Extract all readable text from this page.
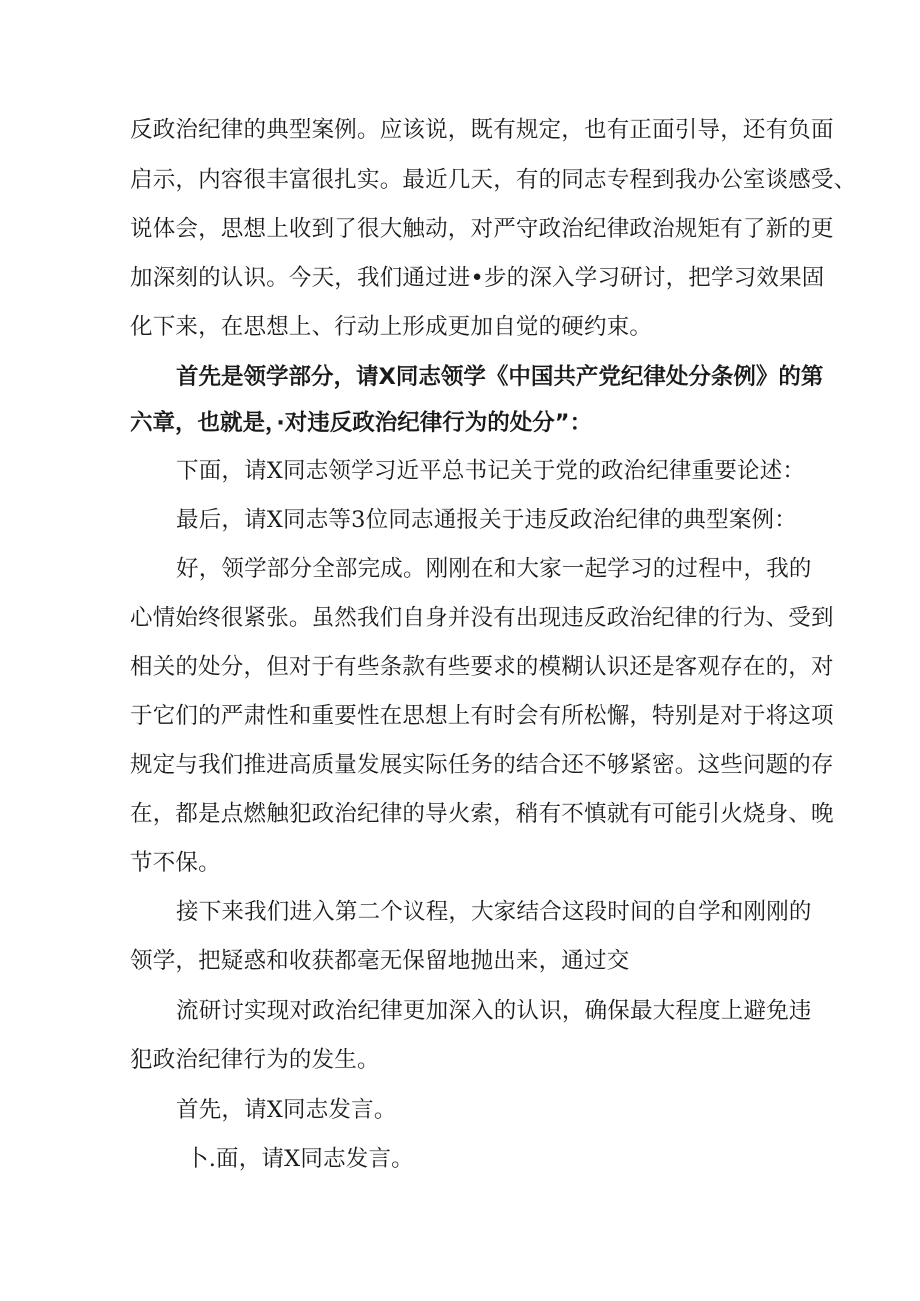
反政治纪律的典型案例。应该说，既有规定，也有正面引导，还有负面

启示，内容很丰富很扎实。最近几天，有的同志专程到我办公室谈感受、

说体会，思想上收到了很大触动，对严守政治纪律政治规矩有了新的更

加深刻的认识。今天，我们通过进•步的深入学习研讨，把学习效果固

化下来，在思想上、行动上形成更加自觉的硬约束。

首先是领学部分，请X同志领学《中国共产党纪律处分条例》的第

六章，也就是，·对违反政治纪律行为的处分”：

下面，请X同志领学习近平总书记关于党的政治纪律重要论述：

最后，请X同志等3位同志通报关于违反政治纪律的典型案例：

好，领学部分全部完成。刚刚在和大家一起学习的过程中，我的

心情始终很紧张。虽然我们自身并没有出现违反政治纪律的行为、受到

相关的处分，但对于有些条款有些要求的模糊认识还是客观存在的，对

于它们的严肃性和重要性在思想上有时会有所松懈，特别是对于将这项

规定与我们推进高质量发展实际任务的结合还不够紧密。这些问题的存

在，都是点燃触犯政治纪律的导火索，稍有不慎就有可能引火烧身、晚

节不保。

接下来我们进入第二个议程，大家结合这段时间的自学和刚刚的

领学，把疑惑和收获都毫无保留地抛出来，通过交

流研讨实现对政治纪律更加深入的认识，确保最大程度上避免违

犯政治纪律行为的发生。

首先，请X同志发言。

卜.面，请X同志发言。
